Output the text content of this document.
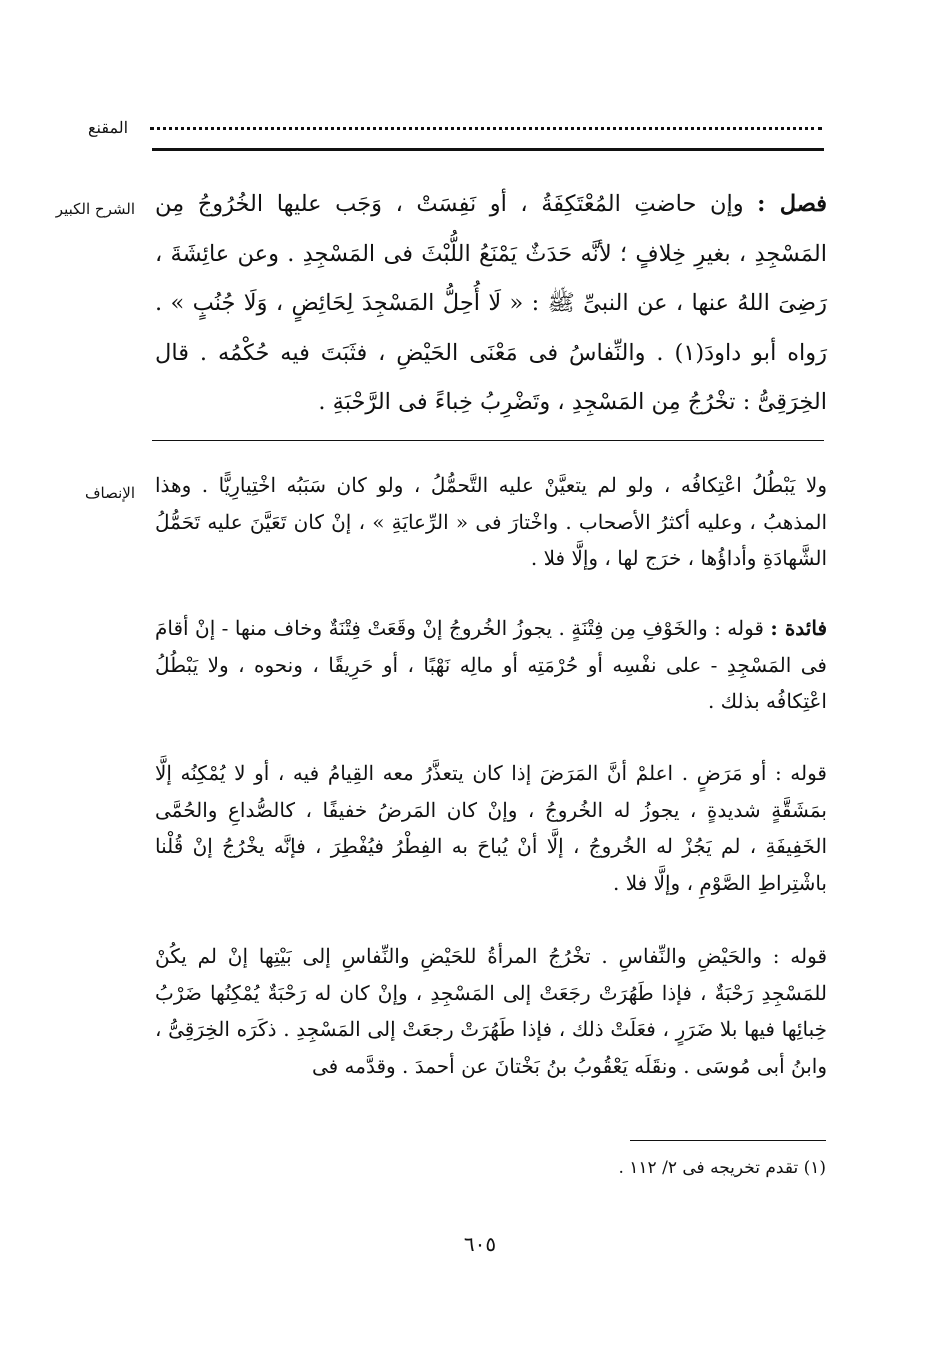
المقنع
الشرح الكبير	فصل : وإن حاضتِ المُعْتَكِفَةُ ، أو نَفِسَتْ ، وَجَب عليها الخُرُوجُ مِن المَسْجِدِ ، بغيرِ خِلافٍ ؛ لأنَّه حَدَثٌ يَمْنَعُ اللُّبْثَ فى المَسْجِدِ . وعن عائِشَةَ ، رَضِىَ اللهُ عنها ، عن النبىِّ ﷺ : « لَا أُحِلُّ المَسْجِدَ لِحَائِضٍ ، وَلَا جُنُبٍ » . رَواه أبو داودَ(١) . والنِّفاسُ فى مَعْنَى الحَيْضِ ، فثَبَتَ فيه حُكْمُه . قال الخِرَقِىُّ : تخْرُجُ مِن المَسْجِدِ ، وتَضْرِبُ خِباءً فى الرَّحْبَةِ .
الإنصاف ولا يَبْطُلُ اعْتِكافُه ، ولو لم يتعيَّنْ عليه التَّحمُّلُ ، ولو كان سَبَبُه اخْتِيارِيًّا . وهذا المذهبُ ، وعليه أكثرُ الأصحاب . واخْتارَ فى « الرِّعايَةِ » ، إنْ كان تَعَيَّنَ عليه تَحَمُّلُ الشَّهادَةِ وأداؤُها ، خرَج لها ، وإلَّا فلا .
فائدة : قوله : والخَوْفِ مِن فِتْنَةٍ . يجوزُ الخُروجُ إنْ وقَعَتْ فِتْنَةٌ وخاف منها - إنْ أقامَ فى المَسْجِدِ - على نفْسِه أو حُرْمَتِه أو مالِه نَهْبًا ، أو حَرِيقًا ، ونحوه ، ولا يَبْطُلُ اعْتِكافُه بذلك .
قوله : أو مَرَضٍ . اعلمْ أنَّ المَرَضَ إذا كان يتعذَّرُ معه القِيامُ فيه ، أو لا يُمْكِنُه إلَّا بمَشَقَّةٍ شديدةٍ ، يجوزُ له الخُروجُ ، وإنْ كان المَرضُ خفيفًا ، كالصُّداعِ والحُمَّى الخَفِيفَةِ ، لم يَجُزْ له الخُروجُ ، إلَّا أنْ يُباحَ به الفِطْرُ فيُفْطِرَ ، فإنَّه يخْرُجُ إنْ قُلْنا باشْتِراطِ الصَّوْمِ ، وإلَّا فلا .
قوله : والحَيْضِ والنِّفاسِ . تخْرُجُ المرأةُ للحَيْضِ والنِّفاسِ إلى بَيْتِها إنْ لم يكُنْ للمَسْجِدِ رَحْبَةٌ ، فإذا طَهُرَتْ رجَعَتْ إلى المَسْجِدِ ، وإنْ كان له رَحْبَةٌ يُمْكِنُها ضَرْبُ خِبائِها فيها بلا ضَرَرٍ ، فعَلَتْ ذلك ، فإذا طَهُرَتْ رجعَتْ إلى المَسْجِدِ . ذكَرَه الخِرَقِىُّ ، وابنُ أبى مُوسَى . ونقَلَه يَعْقُوبُ بنُ بَخْتانَ عن أحمدَ . وقدَّمه فى
(١) تقدم تخريجه فى ٢/ ١١٢ .
٦٠٥
